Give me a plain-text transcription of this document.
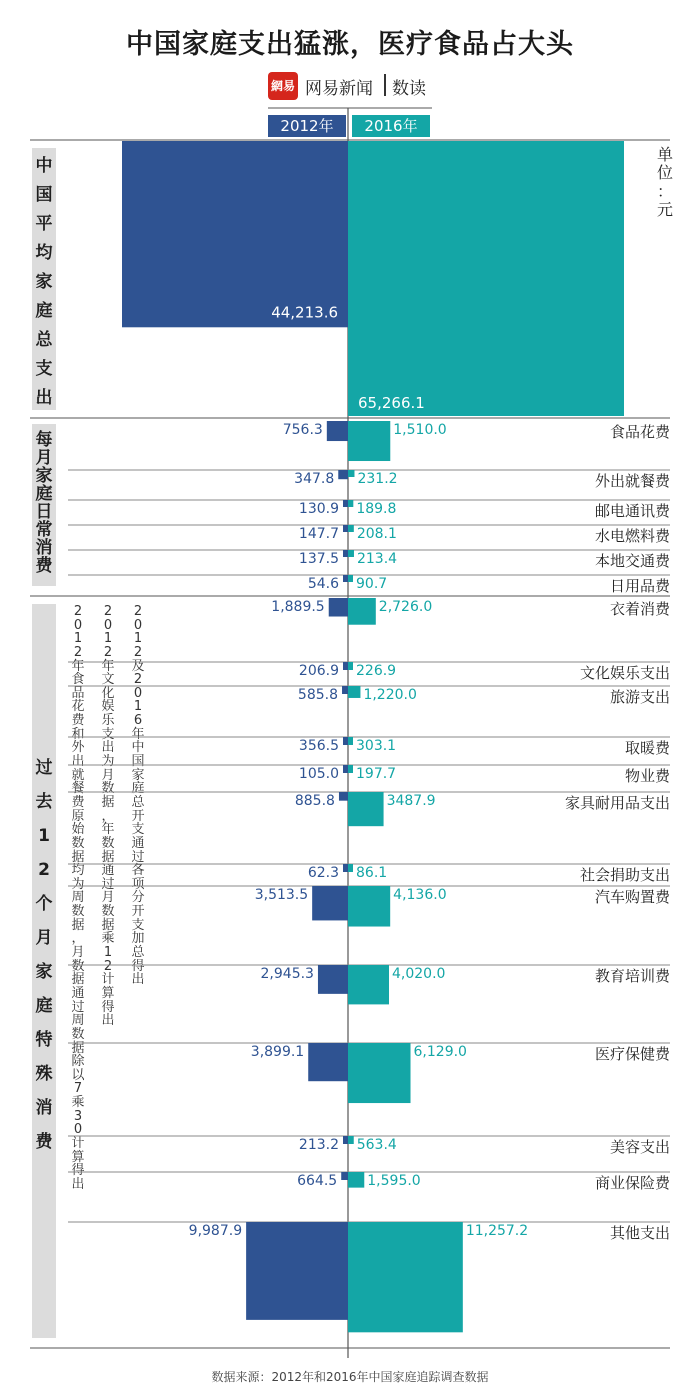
中国家庭支出猛涨，医疗食品占大头
網易 网易新闻 数读
2012年	2016年
单
位
：
元
中
国
平
均
家
庭
总
支
出
每
月
家
庭
日
常
消
费
过
去
1
2
个
月
家
庭
特
殊
消
费
2
0
1
2
及
2
0
1
6
年
中
国
家
庭
总
开
支
通
过
各
项
分
开
支
加
总
得
出
2
0
1
2
年
文
化
娱
乐
支
出
为
月
数
据
，
年
数
据
通
过
月
数
据
乘
1
2
计
算
得
出
2
0
1
2
年
食
品
花
费
和
外
出
就
餐
费
原
始
数
据
均
为
周
数
据
，
月
数
据
通
过
周
数
据
除
以
7
乘
3
0
计
算
得
出
44,213.6
65,266.1
756.3	1,510.0	食品花费
347.8 231.2	外出就餐费
130.9 189.8	邮电通讯费
147.7 208.1	水电燃料费
137.5 213.4	本地交通费
54.6 90.7	日用品费
1,889.5	2,726.0	衣着消费
206.9 226.9	文化娱乐支出
585.8 1,220.0	旅游支出
356.5 303.1	取暖费
105.0 197.7	物业费
885.8	3487.9	家具耐用品支出
62.3 86.1	社会捐助支出
3,513.5	4,136.0	汽车购置费
2,945.3	4,020.0	教育培训费
3,899.1	6,129.0	医疗保健费
213.2 563.4	美容支出
664.5 1,595.0	商业保险费
9,987.9	11,257.2	其他支出
数据来源：2012年和2016年中国家庭追踪调查数据
